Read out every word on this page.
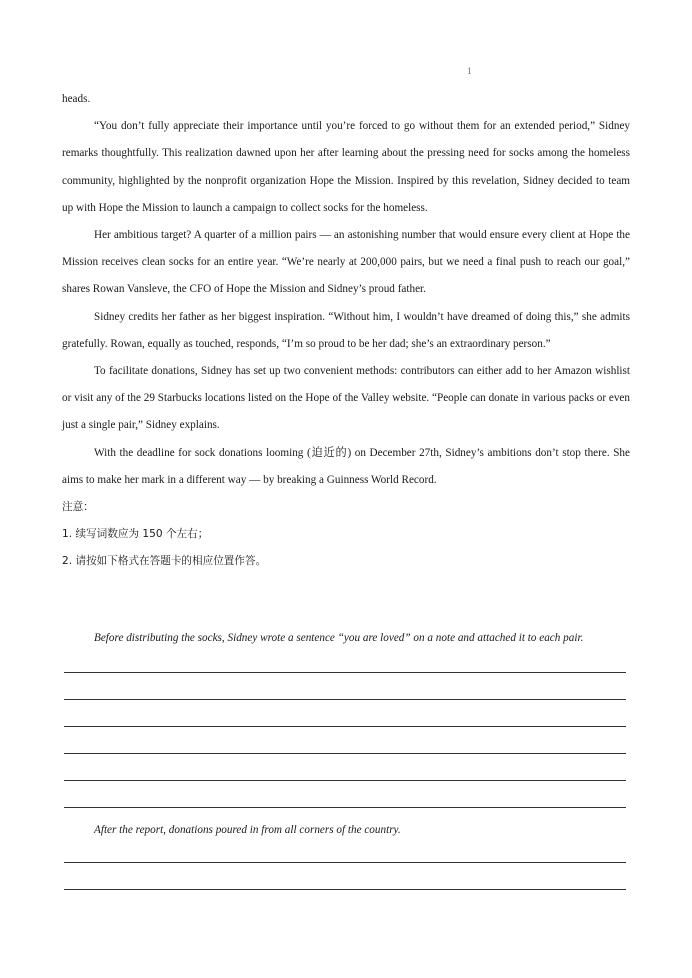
1

heads.

“You don’t fully appreciate their importance until you’re forced to go without them for an extended period,” Sidney remarks thoughtfully. This realization dawned upon her after learning about the pressing need for socks among the homeless community, highlighted by the nonprofit organization Hope the Mission. Inspired by this revelation, Sidney decided to team up with Hope the Mission to launch a campaign to collect socks for the homeless.

Her ambitious target? A quarter of a million pairs — an astonishing number that would ensure every client at Hope the Mission receives clean socks for an entire year. “We’re nearly at 200,000 pairs, but we need a final push to reach our goal,” shares Rowan Vansleve, the CFO of Hope the Mission and Sidney’s proud father.

Sidney credits her father as her biggest inspiration. “Without him, I wouldn’t have dreamed of doing this,” she admits gratefully. Rowan, equally as touched, responds, “I’m so proud to be her dad; she’s an extraordinary person.”

To facilitate donations, Sidney has set up two convenient methods: contributors can either add to her Amazon wishlist or visit any of the 29 Starbucks locations listed on the Hope of the Valley website. “People can donate in various packs or even just a single pair,” Sidney explains.

With the deadline for sock donations looming (迫近的) on December 27th, Sidney’s ambitions don’t stop there. She aims to make her mark in a different way — by breaking a Guinness World Record.

注意：

1. 续写词数应为 150 个左右；

2. 请按如下格式在答题卡的相应位置作答。

Before distributing the socks, Sidney wrote a sentence “you are loved” on a note and attached it to each pair.

After the report, donations poured in from all corners of the country.
